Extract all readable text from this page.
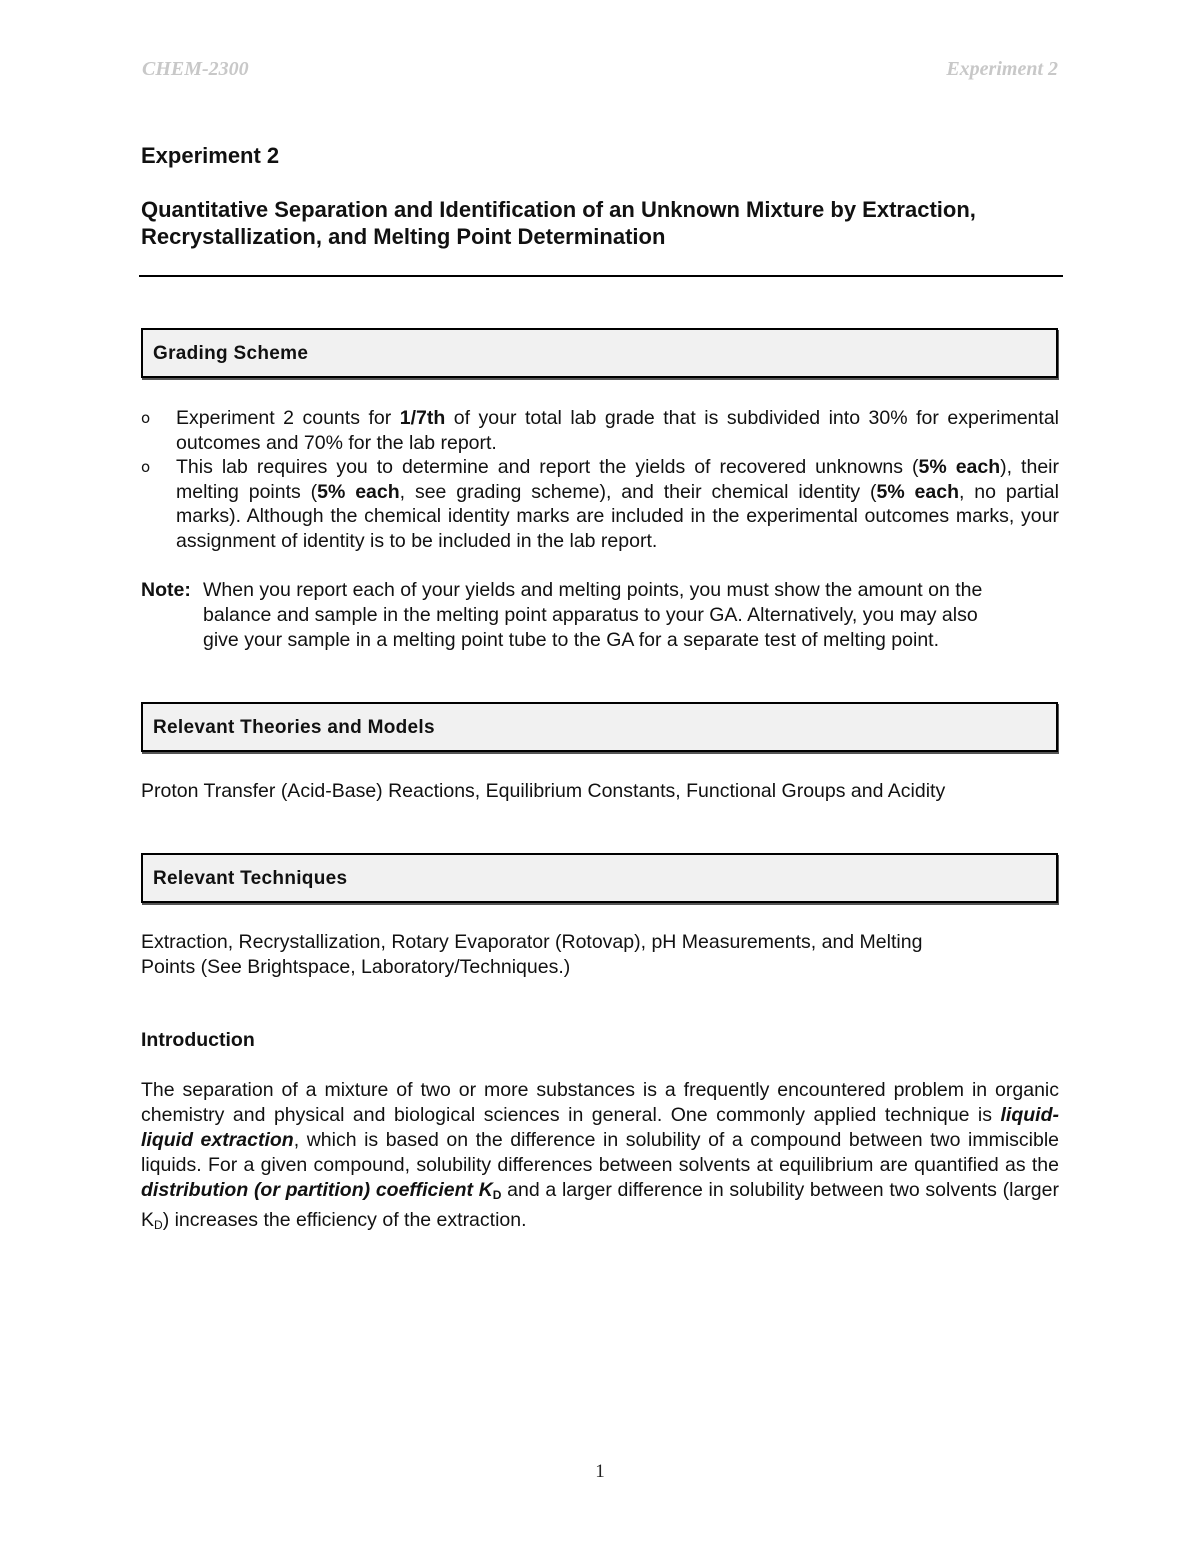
CHEM-2300	Experiment 2
Experiment 2
Quantitative Separation and Identification of an Unknown Mixture by Extraction,
Recrystallization, and Melting Point Determination
Grading Scheme
o Experiment 2 counts for 1/7th of your total lab grade that is subdivided into 30% for experimental outcomes and 70% for the lab report.
o This lab requires you to determine and report the yields of recovered unknowns (5% each), their melting points (5% each, see grading scheme), and their chemical identity (5% each, no partial marks). Although the chemical identity marks are included in the experimental outcomes marks, your assignment of identity is to be included in the lab report.
Note: When you report each of your yields and melting points, you must show the amount on the
balance and sample in the melting point apparatus to your GA. Alternatively, you may also
give your sample in a melting point tube to the GA for a separate test of melting point.
Relevant Theories and Models
Proton Transfer (Acid-Base) Reactions, Equilibrium Constants, Functional Groups and Acidity
Relevant Techniques
Extraction, Recrystallization, Rotary Evaporator (Rotovap), pH Measurements, and Melting
Points (See Brightspace, Laboratory/Techniques.)
Introduction
The separation of a mixture of two or more substances is a frequently encountered problem in organic chemistry and physical and biological sciences in general. One commonly applied technique is liquid-liquid extraction, which is based on the difference in solubility of a compound between two immiscible liquids. For a given compound, solubility differences between solvents at equilibrium are quantified as the distribution (or partition) coefficient $K_D$ and a larger difference in solubility between two solvents (larger $K_D$) increases the efficiency of the extraction.
1
